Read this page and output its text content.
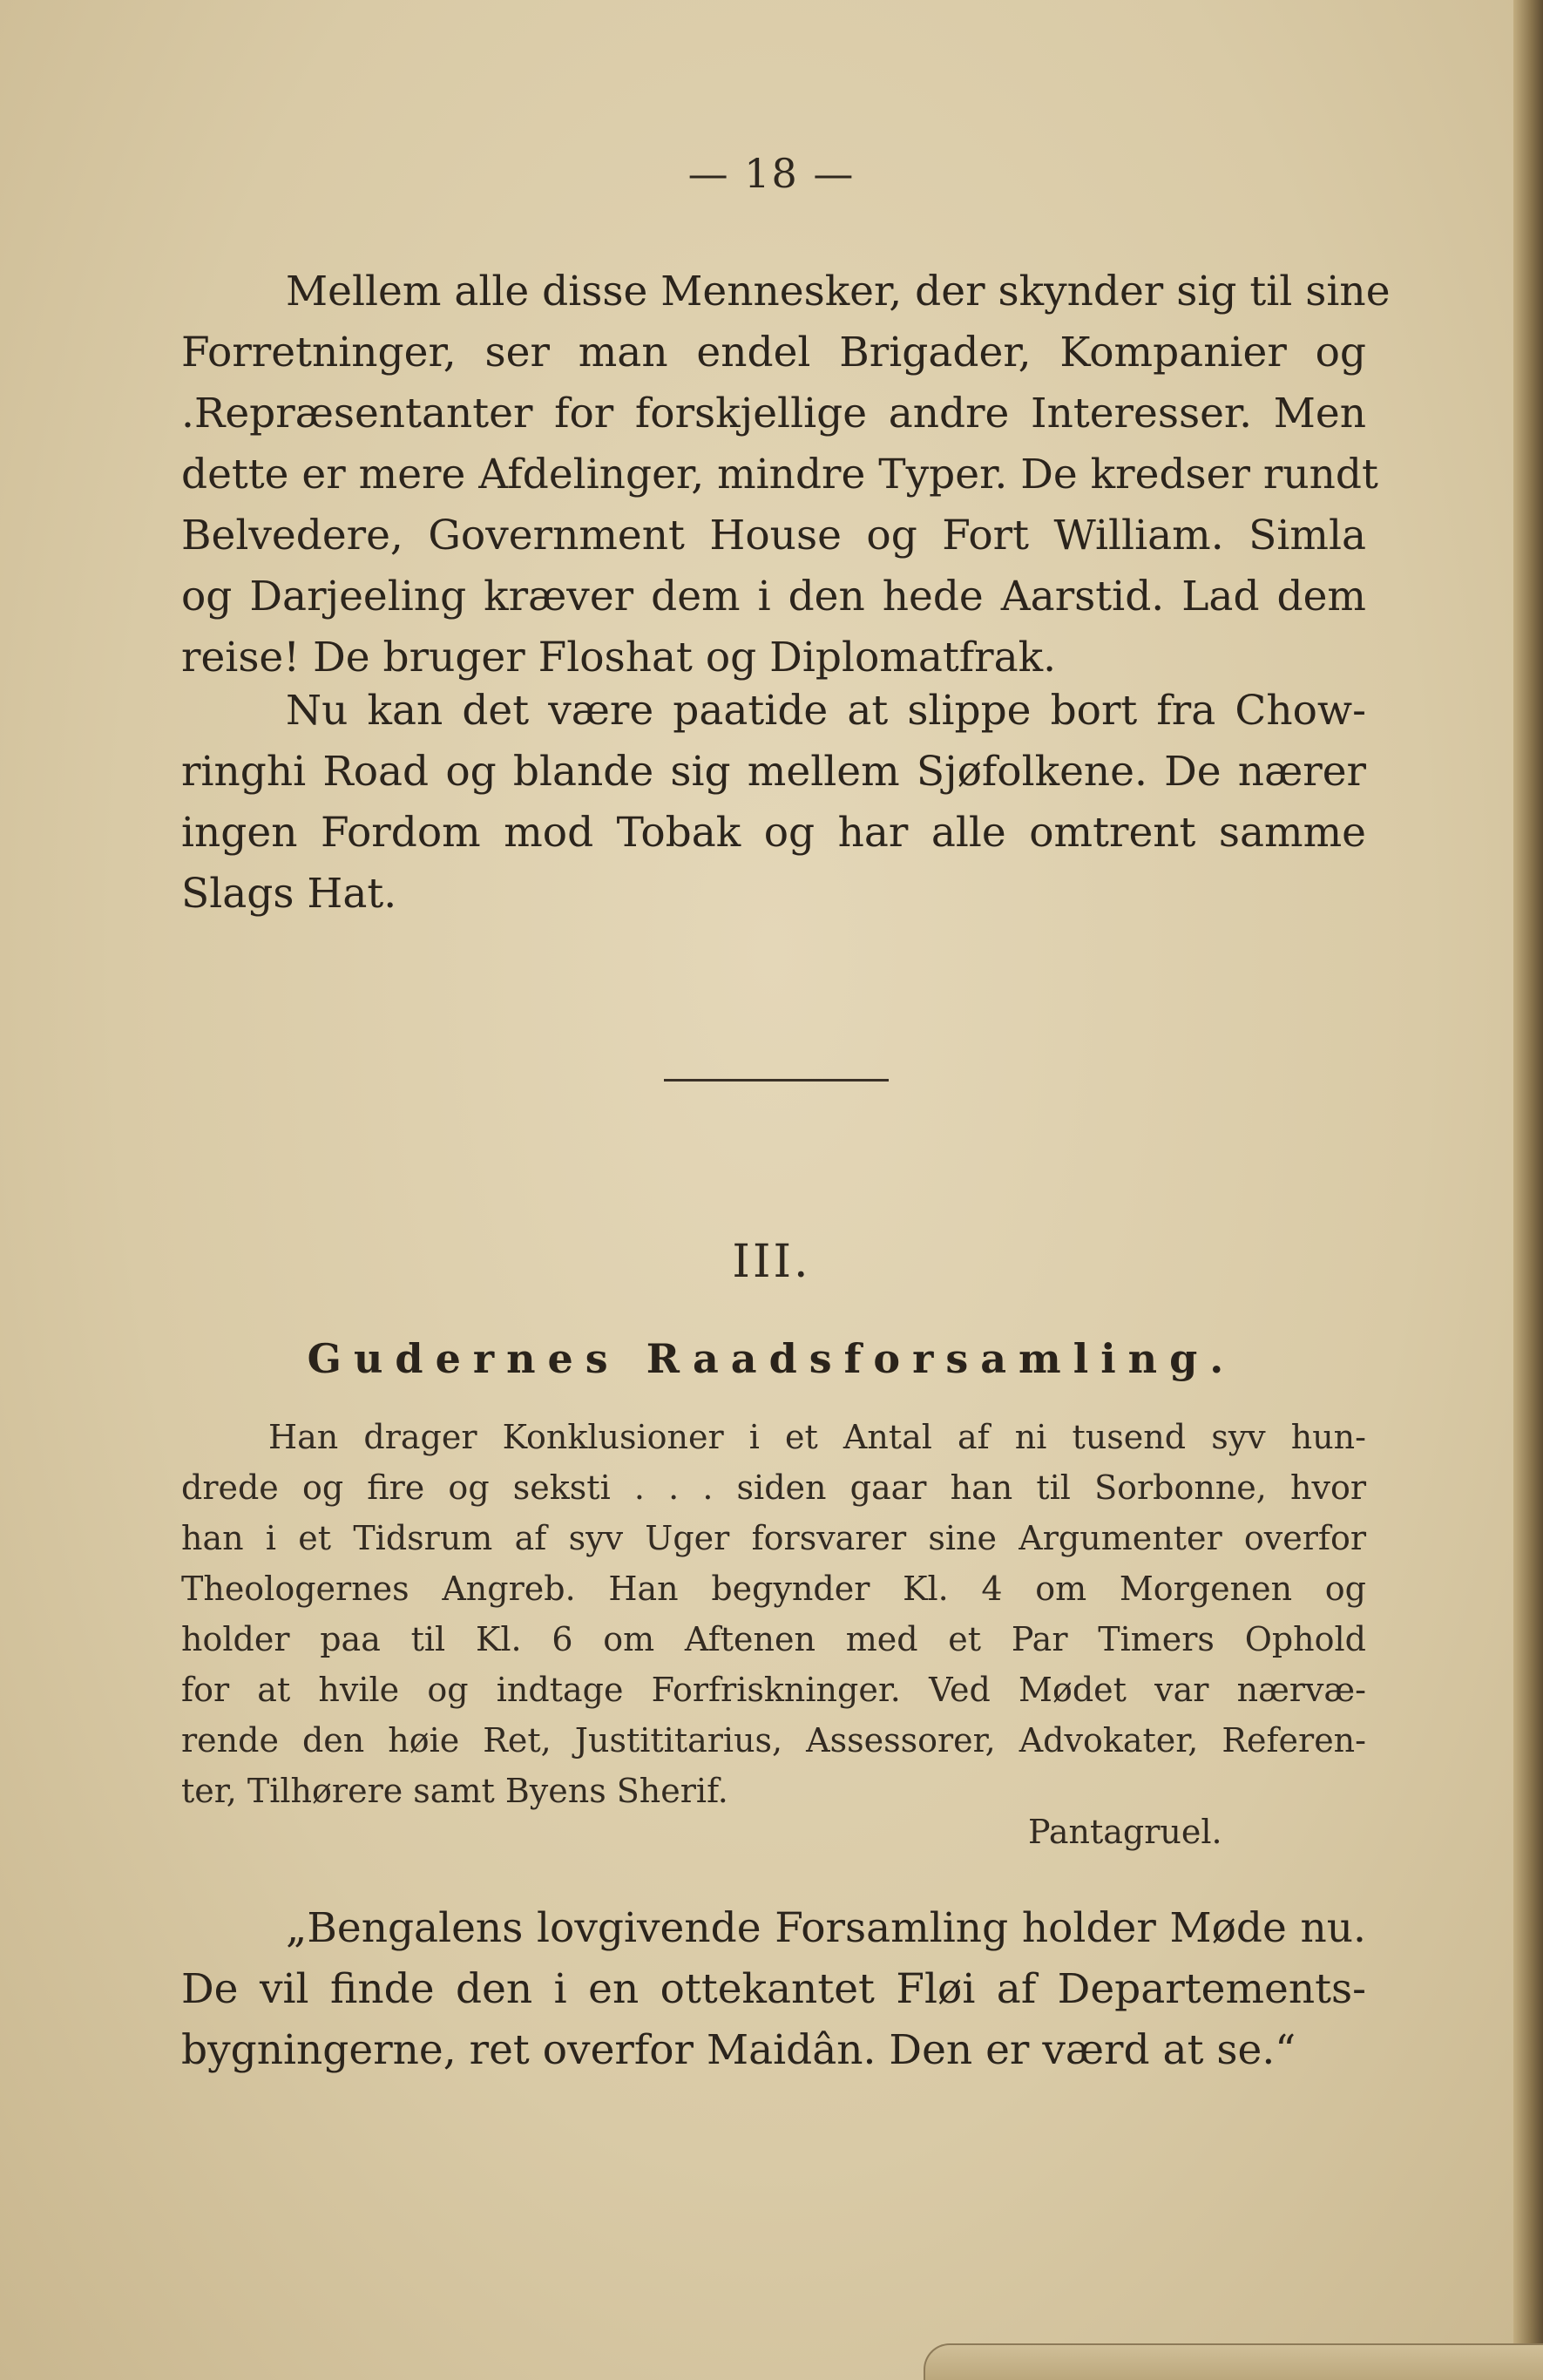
— 18 —
Mellem alle disse Mennesker, der skynder sig til sine
Forretninger, ser man endel Brigader, Kompanier og
.Repræsentanter for forskjellige andre Interesser. Men
dette er mere Afdelinger, mindre Typer. De kredser rundt
Belvedere, Government House og Fort William. Simla
og Darjeeling kræver dem i den hede Aarstid. Lad dem
reise! De bruger Floshat og Diplomatfrak.
Nu kan det være paatide at slippe bort fra Chow-
ringhi Road og blande sig mellem Sjøfolkene. De nærer
ingen Fordom mod Tobak og har alle omtrent samme
Slags Hat.
III.
Gudernes Raadsforsamling.
Han drager Konklusioner i et Antal af ni tusend syv hun-
drede og fire og sekstі . . . siden gaar han til Sorbonne, hvor
han i et Tidsrum af syv Uger forsvarer sine Argumenter overfor
Theologernes Angreb. Han begynder Kl. 4 om Morgenen og
holder paa til Kl. 6 om Aftenen med et Par Timers Ophold
for at hvile og indtage Forfriskninger. Ved Mødet var nærvæ-
rende den høie Ret, Justititarius, Assessorer, Advokater, Referen-
ter, Tilhørere samt Byens Sherif.
Pantagruel.
„Bengalens lovgivende Forsamling holder Møde nu.
De vil finde den i en ottekantet Fløi af Departements-
bygningerne, ret overfor Maidân. Den er værd at se.“
